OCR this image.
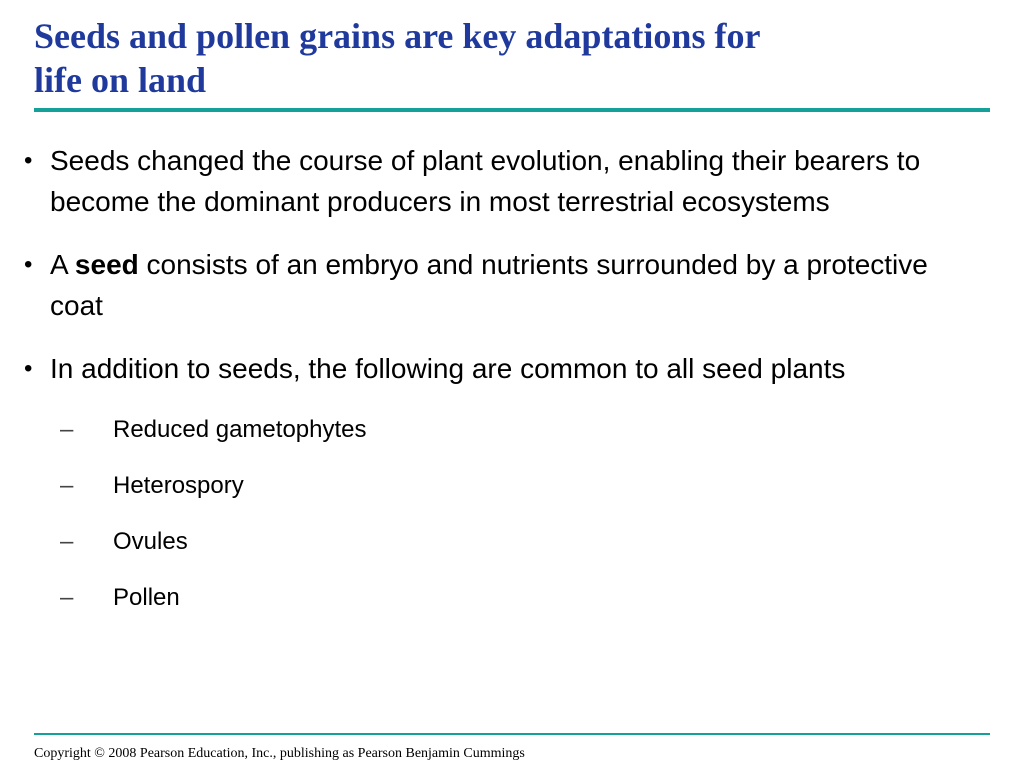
Seeds and pollen grains are key adaptations for
life on land
• Seeds changed the course of plant evolution, enabling their bearers to become the dominant producers in most terrestrial ecosystems
• A seed consists of an embryo and nutrients surrounded by a protective coat
• In addition to seeds, the following are common to all seed plants
– Reduced gametophytes
– Heterospory
– Ovules
– Pollen
Copyright © 2008 Pearson Education, Inc., publishing as Pearson Benjamin Cummings
